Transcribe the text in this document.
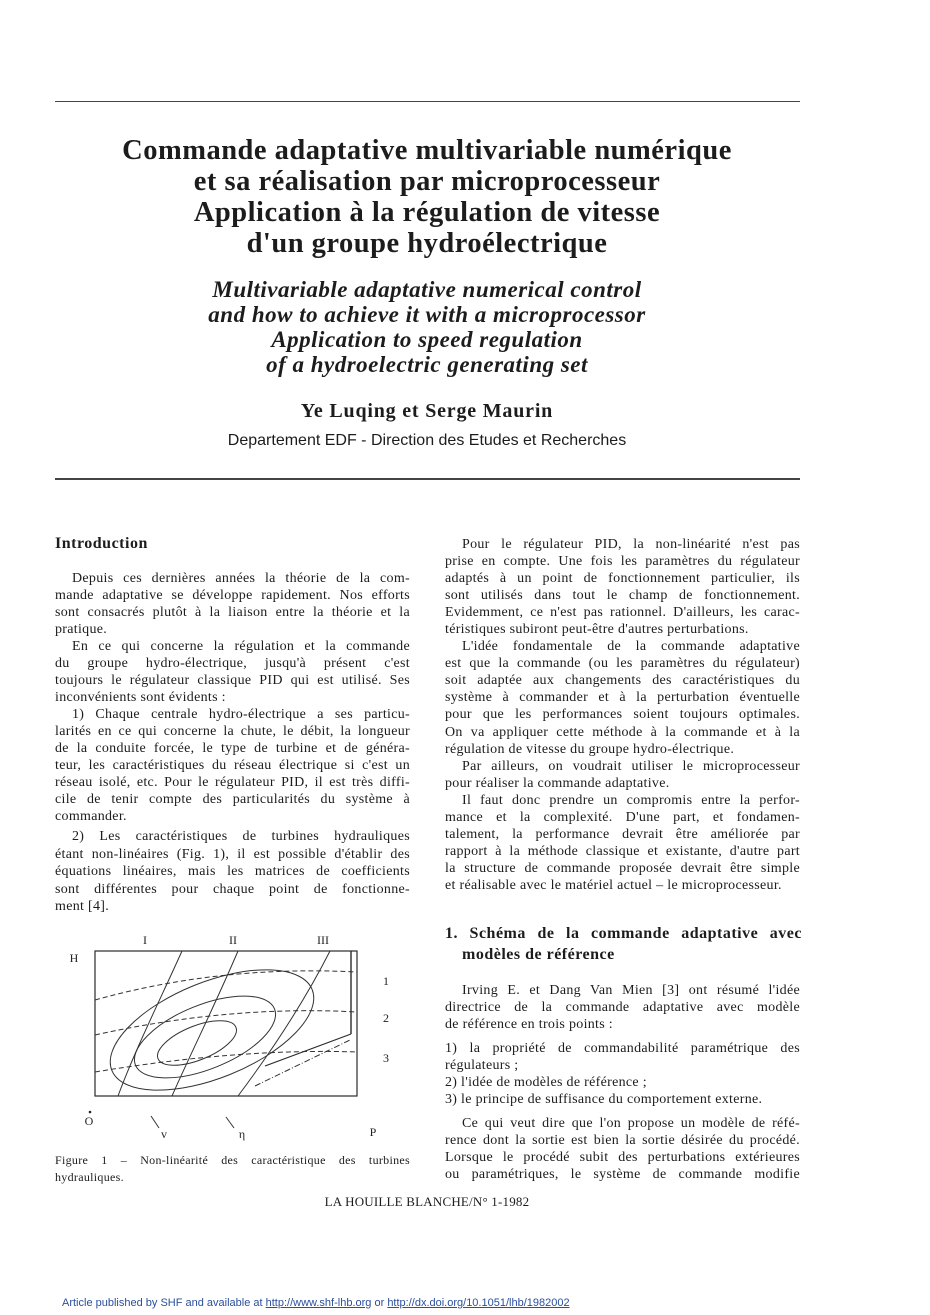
Commande adaptative multivariable numérique
et sa réalisation par microprocesseur
Application à la régulation de vitesse
d'un groupe hydroélectrique
Multivariable adaptative numerical control
and how to achieve it with a microprocessor
Application to speed regulation
of a hydroelectric generating set
Ye Luqing et Serge Maurin
Departement EDF - Direction des Etudes et Recherches
Introduction
Depuis ces dernières années la théorie de la com-
mande adaptative se développe rapidement. Nos efforts
sont consacrés plutôt à la liaison entre la théorie et la
pratique.
En ce qui concerne la régulation et la commande
du groupe hydro-électrique, jusqu'à présent c'est
toujours le régulateur classique PID qui est utilisé. Ses
inconvénients sont évidents :
1) Chaque centrale hydro-électrique a ses particu-
larités en ce qui concerne la chute, le débit, la longueur
de la conduite forcée, le type de turbine et de généra-
teur, les caractéristiques du réseau électrique si c'est un
réseau isolé, etc. Pour le régulateur PID, il est très diffi-
cile de tenir compte des particularités du système à
commander.
2) Les caractéristiques de turbines hydrauliques
étant non-linéaires (Fig. 1), il est possible d'établir des
équations linéaires, mais les matrices de coefficients
sont différentes pour chaque point de fonctionne-
ment [4].
I	II	III
H
1
2
3
O
v	η	P
Figure 1 – Non-linéarité des caractéristique des turbines
hydrauliques.
Pour le régulateur PID, la non-linéarité n'est pas
prise en compte. Une fois les paramètres du régulateur
adaptés à un point de fonctionnement particulier, ils
sont utilisés dans tout le champ de fonctionnement.
Evidemment, ce n'est pas rationnel. D'ailleurs, les carac-
téristiques subiront peut-être d'autres perturbations.
L'idée fondamentale de la commande adaptative
est que la commande (ou les paramètres du régulateur)
soit adaptée aux changements des caractéristiques du
système à commander et à la perturbation éventuelle
pour que les performances soient toujours optimales.
On va appliquer cette méthode à la commande et à la
régulation de vitesse du groupe hydro-électrique.
Par ailleurs, on voudrait utiliser le microprocesseur
pour réaliser la commande adaptative.
Il faut donc prendre un compromis entre la perfor-
mance et la complexité. D'une part, et fondamen-
talement, la performance devrait être améliorée par
rapport à la méthode classique et existante, d'autre part
la structure de commande proposée devrait être simple
et réalisable avec le matériel actuel – le microprocesseur.
1. Schéma de la commande adaptative avec
modèles de référence
Irving E. et Dang Van Mien [3] ont résumé l'idée
directrice de la commande adaptative avec modèle
de référence en trois points :
1) la propriété de commandabilité paramétrique des
régulateurs ;
2) l'idée de modèles de référence ;
3) le principe de suffisance du comportement externe.
Ce qui veut dire que l'on propose un modèle de réfé-
rence dont la sortie est bien la sortie désirée du procédé.
Lorsque le procédé subit des perturbations extérieures
ou paramétriques, le système de commande modifie
LA HOUILLE BLANCHE/N° 1-1982
Article published by SHF and available at http://www.shf-lhb.org or http://dx.doi.org/10.1051/lhb/1982002
